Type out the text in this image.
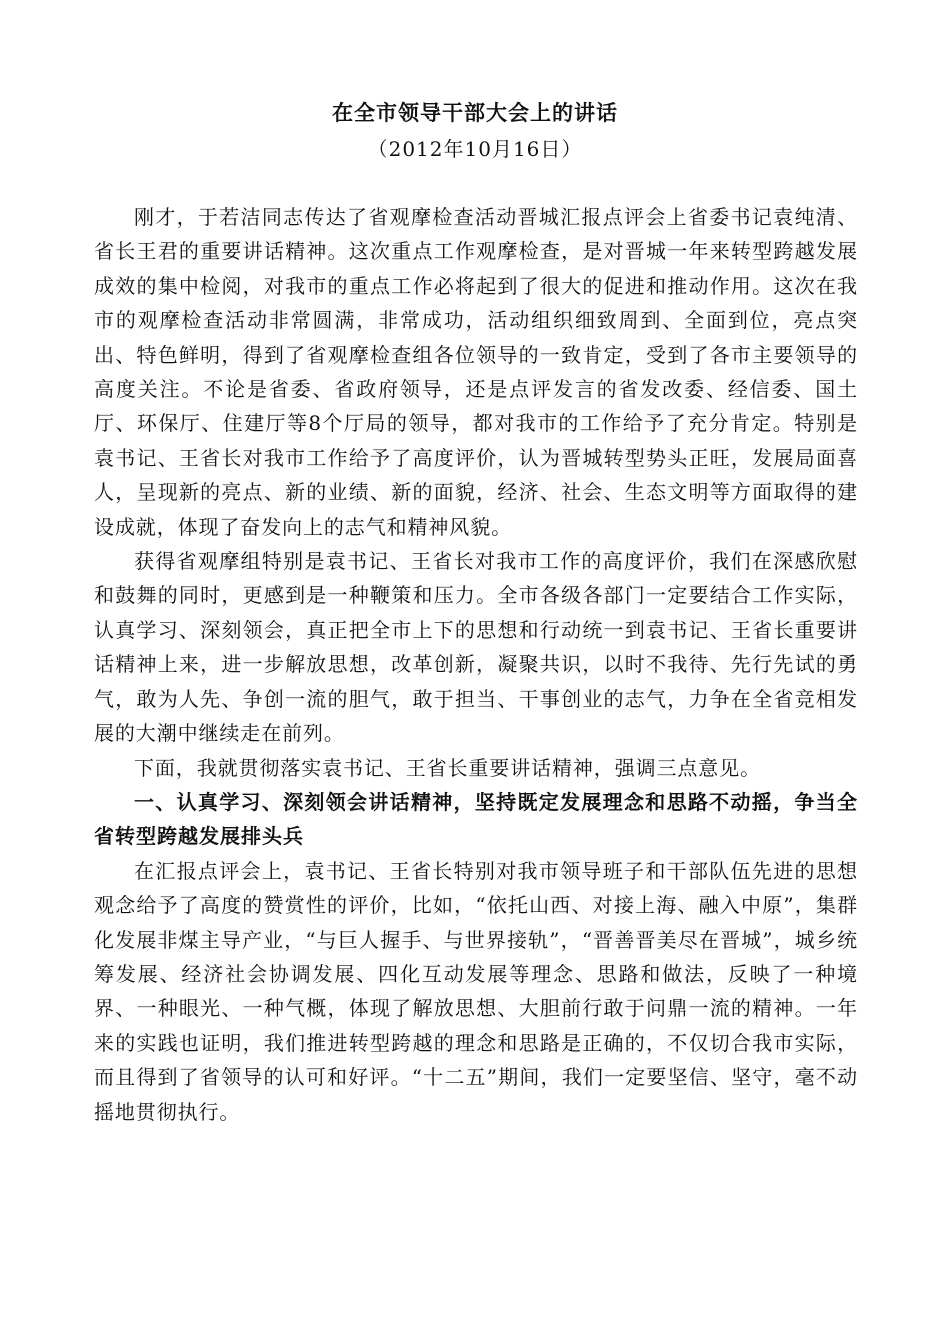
在全市领导干部大会上的讲话
（2012年10月16日）

刚才，于若洁同志传达了省观摩检查活动晋城汇报点评会上省委书记袁纯清、省长王君的重要讲话精神。这次重点工作观摩检查，是对晋城一年来转型跨越发展成效的集中检阅，对我市的重点工作必将起到了很大的促进和推动作用。这次在我市的观摩检查活动非常圆满，非常成功，活动组织细致周到、全面到位，亮点突出、特色鲜明，得到了省观摩检查组各位领导的一致肯定，受到了各市主要领导的高度关注。不论是省委、省政府领导，还是点评发言的省发改委、经信委、国土厅、环保厅、住建厅等8个厅局的领导，都对我市的工作给予了充分肯定。特别是袁书记、王省长对我市工作给予了高度评价，认为晋城转型势头正旺，发展局面喜人，呈现新的亮点、新的业绩、新的面貌，经济、社会、生态文明等方面取得的建设成就，体现了奋发向上的志气和精神风貌。

获得省观摩组特别是袁书记、王省长对我市工作的高度评价，我们在深感欣慰和鼓舞的同时，更感到是一种鞭策和压力。全市各级各部门一定要结合工作实际，认真学习、深刻领会，真正把全市上下的思想和行动统一到袁书记、王省长重要讲话精神上来，进一步解放思想，改革创新，凝聚共识，以时不我待、先行先试的勇气，敢为人先、争创一流的胆气，敢于担当、干事创业的志气，力争在全省竞相发展的大潮中继续走在前列。

下面，我就贯彻落实袁书记、王省长重要讲话精神，强调三点意见。

一、认真学习、深刻领会讲话精神，坚持既定发展理念和思路不动摇，争当全省转型跨越发展排头兵

在汇报点评会上，袁书记、王省长特别对我市领导班子和干部队伍先进的思想观念给予了高度的赞赏性的评价，比如，“依托山西、对接上海、融入中原”，集群化发展非煤主导产业，“与巨人握手、与世界接轨”，“晋善晋美尽在晋城”，城乡统筹发展、经济社会协调发展、四化互动发展等理念、思路和做法，反映了一种境界、一种眼光、一种气概，体现了解放思想、大胆前行敢于问鼎一流的精神。一年来的实践也证明，我们推进转型跨越的理念和思路是正确的，不仅切合我市实际，而且得到了省领导的认可和好评。“十二五”期间，我们一定要坚信、坚守，毫不动摇地贯彻执行。
